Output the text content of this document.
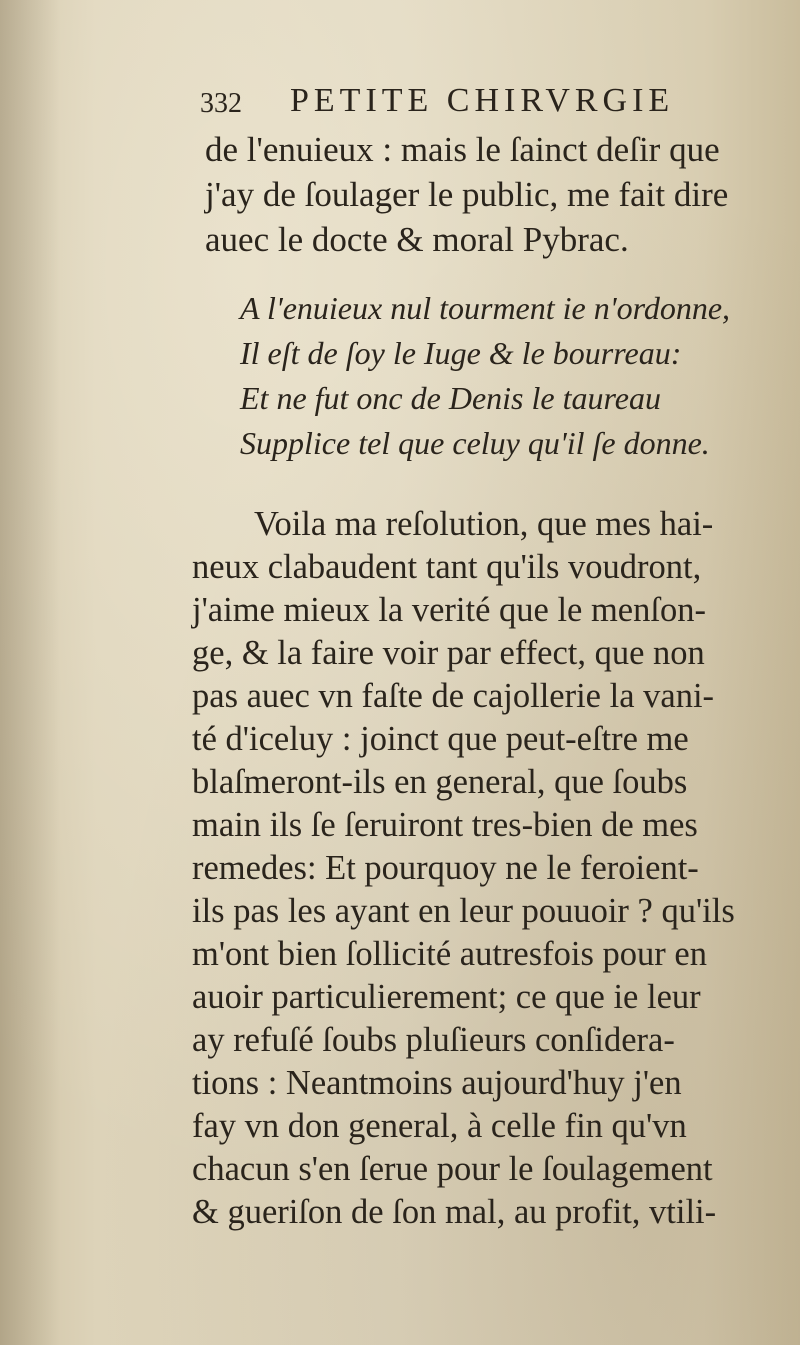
332 PETITE CHIRVRGIE
de l'enuieux : mais le ſainct deſir que
j'ay de ſoulager le public, me fait dire
auec le docte & moral Pybrac.
A l'enuieux nul tourment ie n'ordonne,
Il eſt de ſoy le Iuge & le bourreau:
Et ne fut onc de Denis le taureau
Supplice tel que celuy qu'il ſe donne.
Voila ma reſolution, que mes hai-
neux clabaudent tant qu'ils voudront,
j'aime mieux la verité que le menſon-
ge, & la faire voir par effect, que non
pas auec vn faſte de cajollerie la vani-
té d'iceluy : joinct que peut-eſtre me
blaſmeront-ils en general, que ſoubs
main ils ſe ſeruiront tres-bien de mes
remedes: Et pourquoy ne le feroient-
ils pas les ayant en leur pouuoir ? qu'ils
m'ont bien ſollicité autresfois pour en
auoir particulierement; ce que ie leur
ay refuſé ſoubs pluſieurs conſidera-
tions : Neantmoins aujourd'huy j'en
fay vn don general, à celle fin qu'vn
chacun s'en ſerue pour le ſoulagement
& gueriſon de ſon mal, au profit, vtili-
